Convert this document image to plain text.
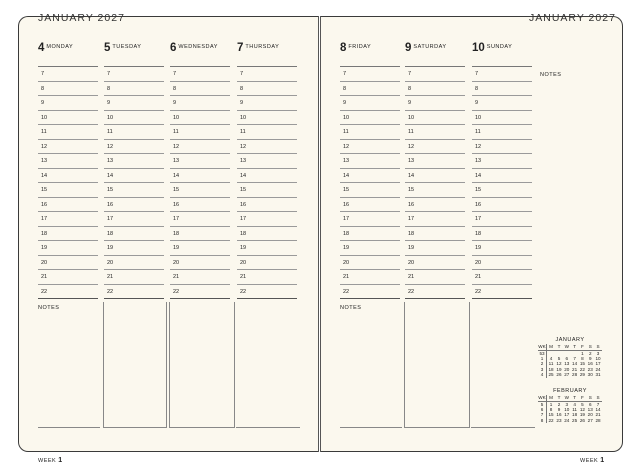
JANUARY 2027	JANUARY 2027
4 MONDAY
7
8
9
10
11
12
13
14
15
16
17
18
19
20
21
22
5 TUESDAY
7
8
9
10
11
12
13
14
15
16
17
18
19
20
21
22
6 WEDNESDAY
7
8
9
10
11
12
13
14
15
16
17
18
19
20
21
22
7 THURSDAY
7
8
9
10
11
12
13
14
15
16
17
18
19
20
21
22
8 FRIDAY
7
8
9
10
11
12
13
14
15
16
17
18
19
20
21
22
9 SATURDAY
7
8
9
10
11
12
13
14
15
16
17
18
19
20
21
22
10 SUNDAY
7
8
9
10
11
12
13
14
15
16
17
18
19
20
21
22
NOTES	NOTES
NOTES
WEEK 1	WEEK 1
JANUARY
WK	M	T	W	T	F	S	S
53					1	2	3
1	4	5	6	7	8	9	10
2	11	12	13	14	15	16	17
3	18	19	20	21	22	23	24
4	25	26	27	28	29	30	31
FEBRUARY
WK	M	T	W	T	F	S	S
5	1	2	3	4	5	6	7
6	8	9	10	11	12	13	14
7	15	16	17	18	19	20	21
8	22	23	24	25	26	27	28
